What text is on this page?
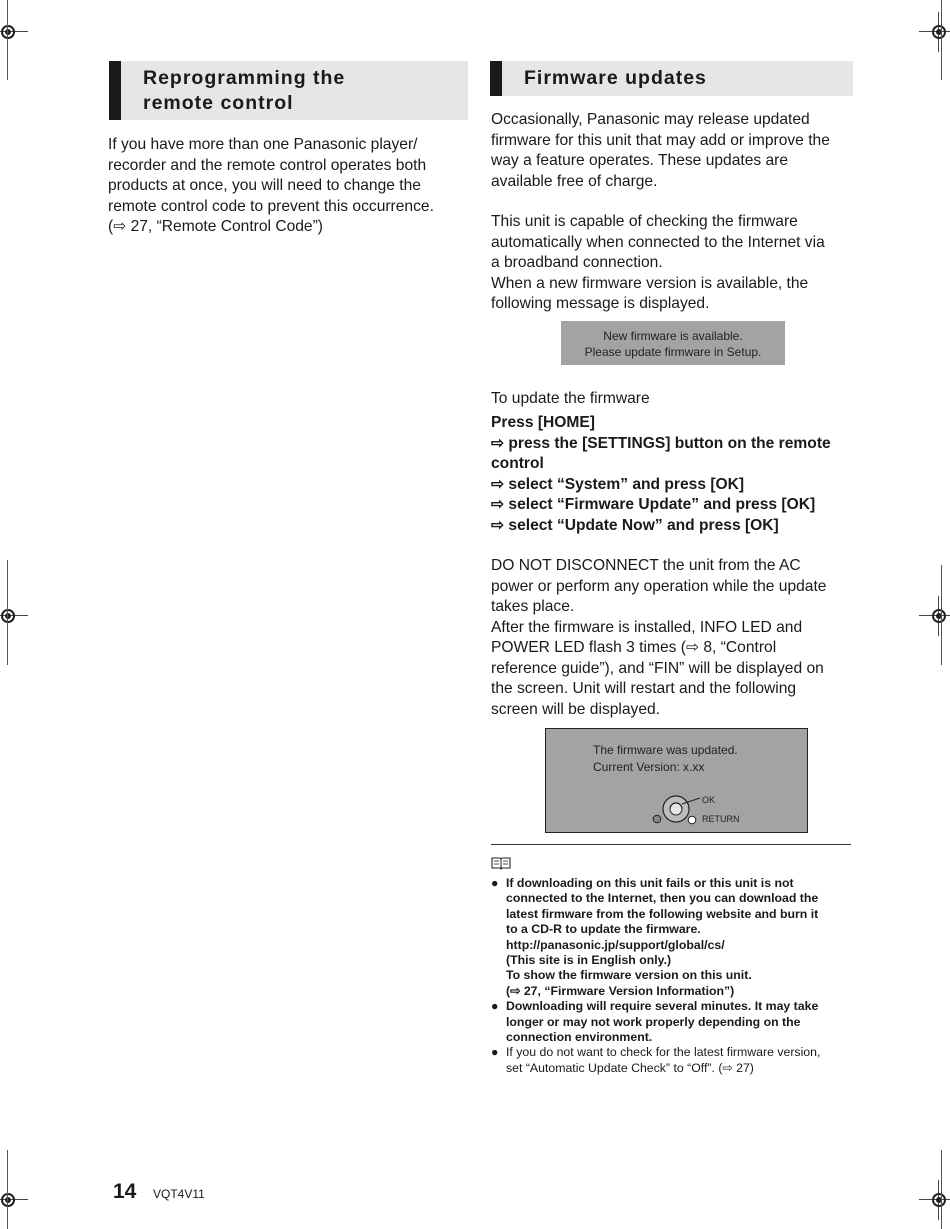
Reprogramming the
remote control

If you have more than one Panasonic player/

recorder and the remote control operates both

products at once, you will need to change the

remote control code to prevent this occurrence.

(⇨ 27, “Remote Control Code”)

Firmware updates

Occasionally, Panasonic may release updated

firmware for this unit that may add or improve the

way a feature operates. These updates are

available free of charge.

This unit is capable of checking the firmware

automatically when connected to the Internet via

a broadband connection.

When a new firmware version is available, the

following message is displayed.

New firmware is available.
Please update firmware in Setup.
To update the firmware

Press [HOME]

⇨ press the [SETTINGS] button on the remote

control

⇨ select “System” and press [OK]

⇨ select “Firmware Update” and press [OK]

⇨ select “Update Now” and press [OK]

DO NOT DISCONNECT the unit from the AC

power or perform any operation while the update

takes place.

After the firmware is installed, INFO LED and

POWER LED flash 3 times (⇨ 8, “Control

reference guide”), and “FIN” will be displayed on

the screen. Unit will restart and the following

screen will be displayed.

The firmware was updated.
Current Version: x.xx
OK
RETURN
● If downloading on this unit fails or this unit is not
connected to the Internet, then you can download the
latest firmware from the following website and burn it
to a CD-R to update the firmware.
http://panasonic.jp/support/global/cs/
(This site is in English only.)
To show the firmware version on this unit.
(⇨ 27, “Firmware Version Information”)
● Downloading will require several minutes. It may take
longer or may not work properly depending on the
connection environment.
● If you do not want to check for the latest firmware version,
set “Automatic Update Check” to “Off”. (⇨ 27)
14 VQT4V11
